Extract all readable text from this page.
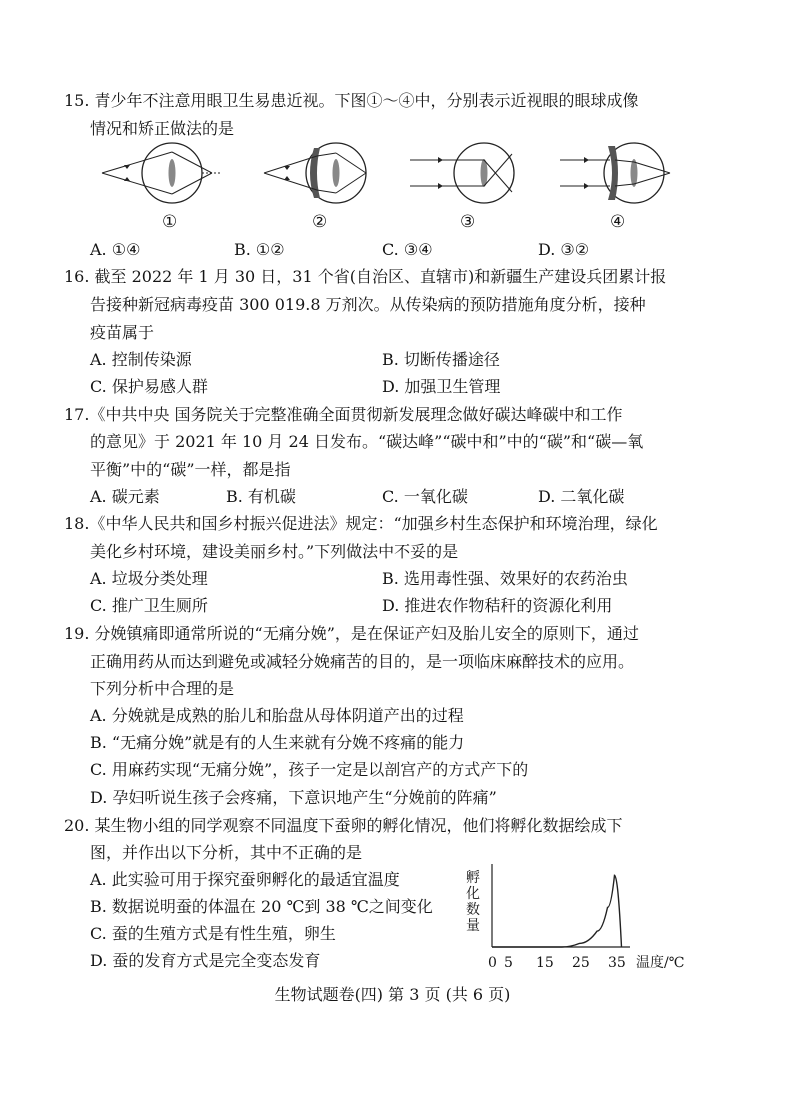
15. 青少年不注意用眼卫生易患近视。下图①～④中，分别表示近视眼的眼球成像
情况和矫正做法的是
①	②	③	④
A. ①④	B. ①②	C. ③④	D. ③②
16. 截至 2022 年 1 月 30 日，31 个省(自治区、直辖市)和新疆生产建设兵团累计报
告接种新冠病毒疫苗 300 019.8 万剂次。从传染病的预防措施角度分析，接种
疫苗属于
A. 控制传染源	B. 切断传播途径
C. 保护易感人群	D. 加强卫生管理
17.《中共中央 国务院关于完整准确全面贯彻新发展理念做好碳达峰碳中和工作
的意见》于 2021 年 10 月 24 日发布。“碳达峰”“碳中和”中的“碳”和“碳—氧
平衡”中的“碳”一样，都是指
A. 碳元素	B. 有机碳	C. 一氧化碳	D. 二氧化碳
18.《中华人民共和国乡村振兴促进法》规定：“加强乡村生态保护和环境治理，绿化
美化乡村环境，建设美丽乡村。”下列做法中不妥的是
A. 垃圾分类处理	B. 选用毒性强、效果好的农药治虫
C. 推广卫生厕所	D. 推进农作物秸秆的资源化利用
19. 分娩镇痛即通常所说的“无痛分娩”，是在保证产妇及胎儿安全的原则下，通过
正确用药从而达到避免或减轻分娩痛苦的目的，是一项临床麻醉技术的应用。
下列分析中合理的是
A. 分娩就是成熟的胎儿和胎盘从母体阴道产出的过程
B. “无痛分娩”就是有的人生来就有分娩不疼痛的能力
C. 用麻药实现“无痛分娩”，孩子一定是以剖宫产的方式产下的
D. 孕妇听说生孩子会疼痛，下意识地产生“分娩前的阵痛”
20. 某生物小组的同学观察不同温度下蚕卵的孵化情况，他们将孵化数据绘成下
图，并作出以下分析，其中不正确的是
A. 此实验可用于探究蚕卵孵化的最适宜温度
B. 数据说明蚕的体温在 20 ℃到 38 ℃之间变化
C. 蚕的生殖方式是有性生殖，卵生
D. 蚕的发育方式是完全变态发育
孵化数量
0 5 15 25 35 温度/℃
生物试题卷(四) 第 3 页 (共 6 页)
